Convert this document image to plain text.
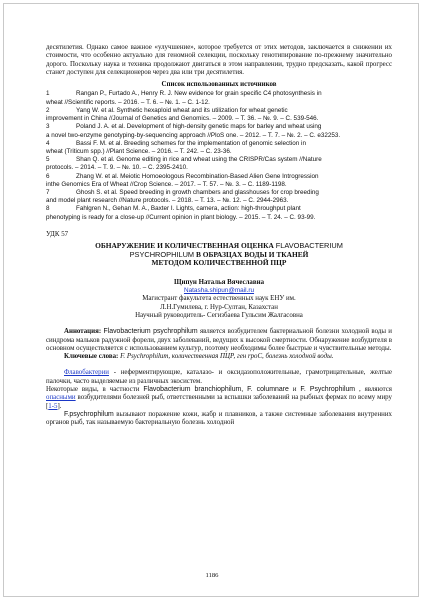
десятилетия. Однако самое важное «улучшение», которое требуется от этих методов, заключается в снижении их стоимости, что особенно актуально для геномной селекции, поскольку генотипирование по-прежнему значительно дорого. Поскольку наука и техника продолжают двигаться в этом направлении, трудно предсказать, какой прогресс станет доступен для селекционеров через два или три десятилетия.

Список использованных источников

1	Rangan P., Furtado A., Henry R. J. New evidence for grain specific C4 photosynthesis in
wheat //Scientific reports. – 2016. – Т. 6. – №. 1. – С. 1-12.
2	Yang W. et al. Synthetic hexaploid wheat and its utilization for wheat genetic
improvement in China //Journal of Genetics and Genomics. – 2009. – Т. 36. – №. 9. – С. 539-546.
3	Poland J. A. et al. Development of high-density genetic maps for barley and wheat using
a novel two-enzyme genotyping-by-sequencing approach //PloS one. – 2012. – Т. 7. – №. 2. – С. e32253.
4	Bassi F. M. et al. Breeding schemes for the implementation of genomic selection in
wheat (Triticum spp.) //Plant Science. – 2016. – Т. 242. – С. 23-36.
5	Shan Q. et al. Genome editing in rice and wheat using the CRISPR/Cas system //Nature
protocols. – 2014. – Т. 9. – №. 10. – С. 2395-2410.
6	Zhang W. et al. Meiotic Homoeologous Recombination-Based Alien Gene Introgression
inthe Genomics Era of Wheat //Crop Science. – 2017. – Т. 57. – №. 3. – С. 1189-1198.
7	Ghosh S. et al. Speed breeding in growth chambers and glasshouses for crop breeding
and model plant research //Nature protocols. – 2018. – Т. 13. – №. 12. – С. 2944-2963.
8	Fahlgren N., Gehan M. A., Baxter I. Lights, camera, action: high-throughput plant
phenotyping is ready for a close-up //Current opinion in plant biology. – 2015. – Т. 24. – С. 93-99.

УДК 57

ОБНАРУЖЕНИЕ И КОЛИЧЕСТВЕННАЯ ОЦЕНКА FLAVOBACTERIUM
PSYCHROPHILUM В ОБРАЗЦАХ ВОДЫ И ТКАНЕЙ
МЕТОДОМ КОЛИЧЕСТВЕННОЙ ПЦР

Щипун Наталья Вячеславна

Natasha.shipun@mail.ru

Магистрант факультета естественных наук ЕНУ им.

Л.Н.Гумилева, г. Нур-Султан, Казахстан

Научный руководитель- Сегизбаева Гульсим Жалгасовна

Аннотация: Flavobacterium psychrophilum является возбудителем бактериальной болезни холодной воды и синдрома мальков радужной форели, двух заболеваний, ведущих к высокой смертности. Обнаружение возбудителя в основном осуществляется с использованием культур, поэтому необходимы более быстрые и чувствительные методы.

Ключевые слова: F. Psychrophilum, количественная ПЦР, ген rpoC, болезнь холодной воды.

Флавобактерии - неферментирующие, каталазо- и оксидазоположительные, грамотрицательные, желтые палочки, часто выделяемые из различных экосистем.

Некоторые виды, в частности Flavobacterium branchiophilum, F. columnare и F. Psychrophilum , являются опасными возбудителями болезней рыб, ответственными за вспышки заболеваний на рыбных фермах по всему миру [1-5].

F.psychrophilum вызывают поражение кожи, жабр и плавников, а также системные заболевания внутренних органов рыб, так называемую бактериальную болезнь холодной

1186
